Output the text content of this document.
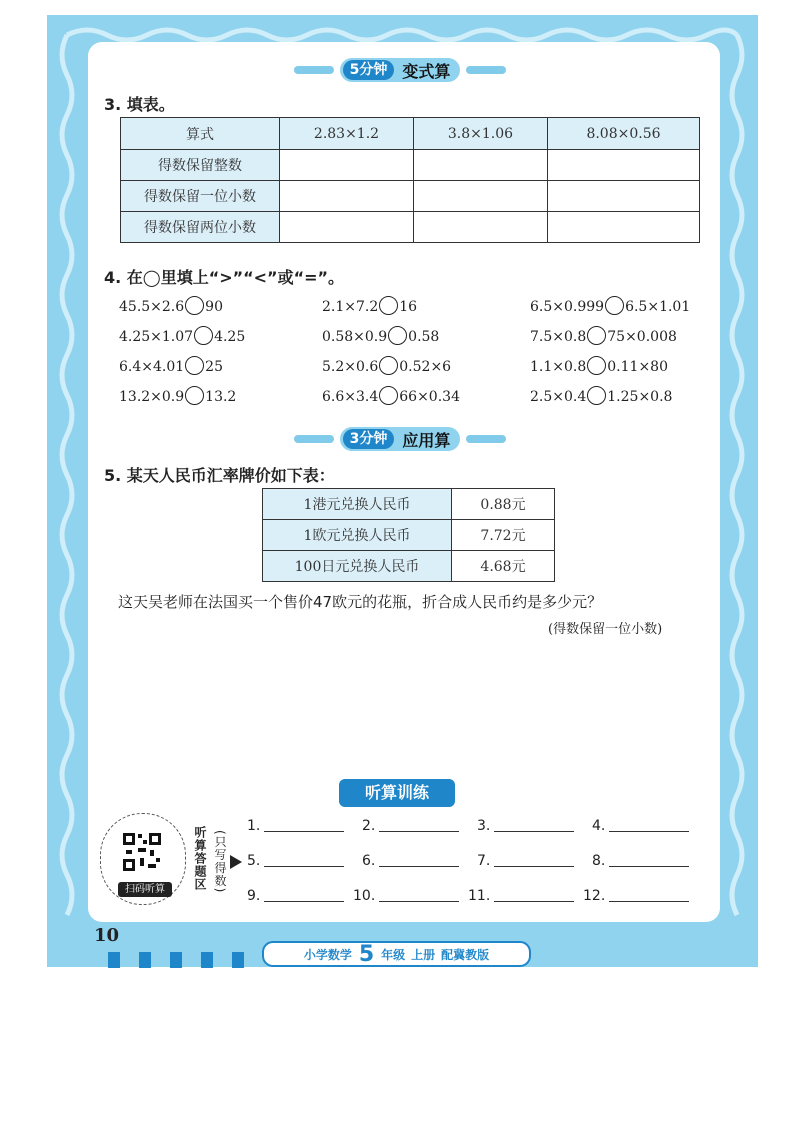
5分钟 变式算
3. 填表。
算式	2.83×1.2	3.8×1.06	8.08×0.56
得数保留整数			
得数保留一位小数			
得数保留两位小数			
4. 在◯里填上“>”“<”或“=”。
45.5×2.6 90	2.1×7.2 16	6.5×0.999 6.5×1.01
4.25×1.07 4.25	0.58×0.9 0.58	7.5×0.8 75×0.008
6.4×4.01 25	5.2×0.6 0.52×6	1.1×0.8 0.11×80
13.2×0.9 13.2	6.6×3.4 66×0.34	2.5×0.4 1.25×0.8
3分钟 应用算
5. 某天人民币汇率牌价如下表：
1港元兑换人民币	0.88元
1欧元兑换人民币	7.72元
100日元兑换人民币	4.68元
这天吴老师在法国买一个售价47欧元的花瓶，折合成人民币约是多少元？
(得数保留一位小数)
听算训练
扫码听算	听算答题区 (只写得数)
1.	2.	3.	4.
5.	6.	7.	8.
9.	10.	11.	12.
10
小学数学 5 年级 上册 配冀教版
